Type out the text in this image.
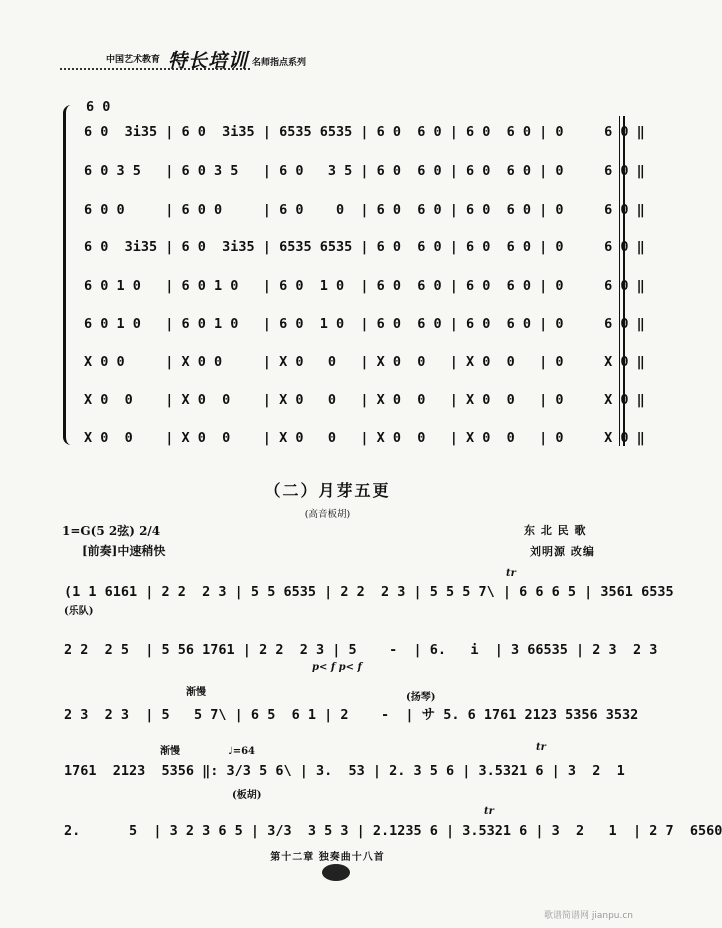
中国艺术教育 特长培训 名师指点系列
6 0

6 0  3i35 | 6 0  3i35 | 6535 6535 | 6 0  6 0 | 6 0  6 0 | 0     6 0 ‖

6 0 3 5   | 6 0 3 5   | 6 0   3 5 | 6 0  6 0 | 6 0  6 0 | 0     6 0 ‖

6 0 0     | 6 0 0     | 6 0    0  | 6 0  6 0 | 6 0  6 0 | 0     6 0 ‖

6 0  3i35 | 6 0  3i35 | 6535 6535 | 6 0  6 0 | 6 0  6 0 | 0     6 0 ‖

6 0 1 0   | 6 0 1 0   | 6 0  1 0  | 6 0  6 0 | 6 0  6 0 | 0     6 0 ‖

6 0 1 0   | 6 0 1 0   | 6 0  1 0  | 6 0  6 0 | 6 0  6 0 | 0     6 0 ‖

X 0 0     | X 0 0     | X 0   0   | X 0  0   | X 0  0   | 0     X 0 ‖

X 0  0    | X 0  0    | X 0   0   | X 0  0   | X 0  0   | 0     X 0 ‖

X 0  0    | X 0  0    | X 0   0   | X 0  0   | X 0  0   | 0     X 0 ‖

（二）月芽五更
(高音板胡)
1=G(5 2弦) 2/4
[前奏]中速稍快
东 北 民 歌
刘明源 改编
(1 1 6161 | 2 2  2 3 | 5 5 6535 | 2 2  2 3 | 5 5 5 7\ | 6 6 6 5 | 3561 6535
(乐队)
tr
2 2  2 5  | 5 56 1761 | 2 2  2 3 | 5    -  | 6.   i  | 3 66535 | 2 3  2 3
p< f p< f
渐慢	(扬琴)
2 3  2 3  | 5   5 7\ | 6 5  6 1 | 2    -  | サ 5. 6 1761 2123 5356 3532
渐慢	♩=64	tr
1761  2123  5356 ‖: 3/3 5 6\ | 3.  53 | 2. 3 5 6 | 3.5321 6 | 3  2  1
(板胡)
tr
2.      5  | 3 2 3 6 5 | 3/3  3 5 3 | 2.1235 6 | 3.5321 6 | 3  2   1  | 2 7  6560
第十二章 独奏曲十八首
歌谱简谱网 jianpu.cn
